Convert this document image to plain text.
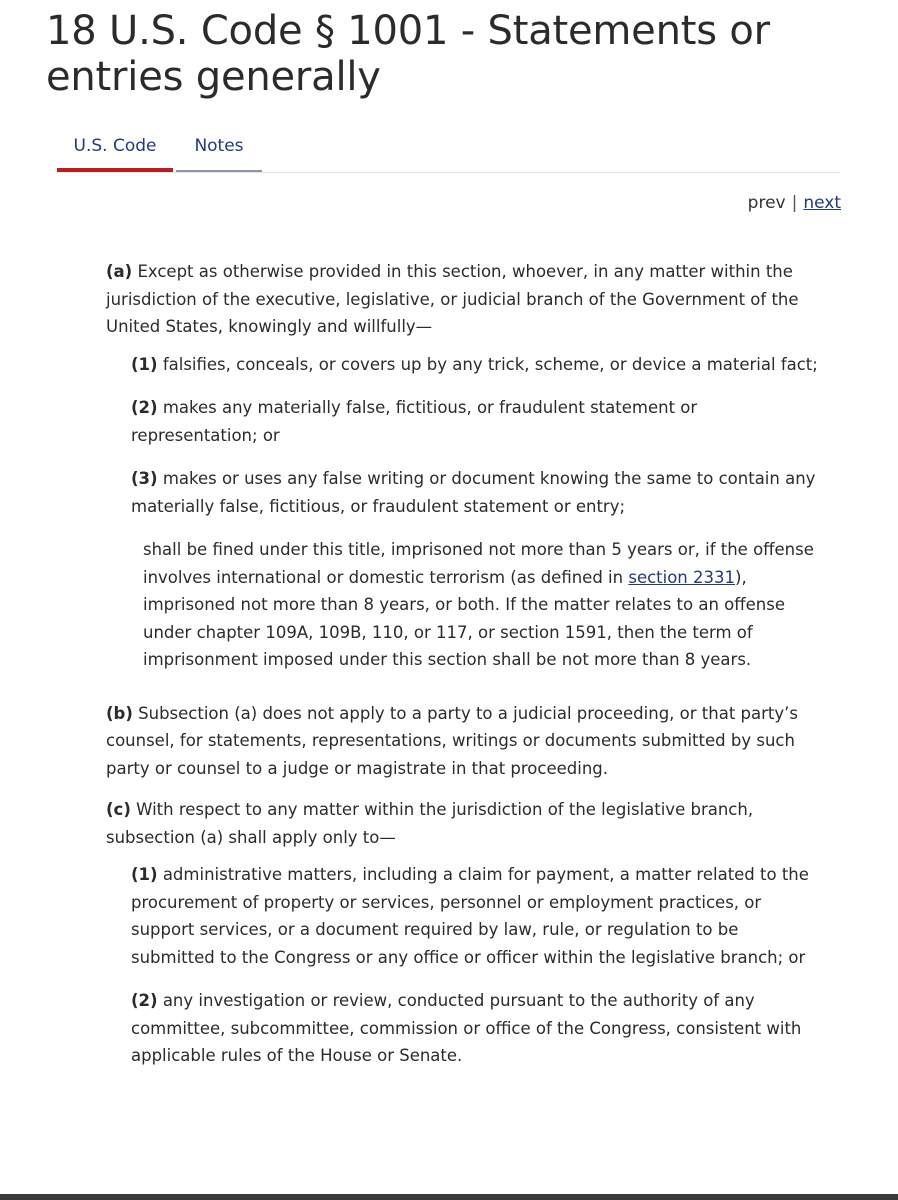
18 U.S. Code § 1001 - Statements or entries generally
U.S. Code	Notes
prev | next

(a) Except as otherwise provided in this section, whoever, in any matter within the jurisdiction of the executive, legislative, or judicial branch of the Government of the United States, knowingly and willfully—

(1) falsifies, conceals, or covers up by any trick, scheme, or device a material fact;

(2) makes any materially false, fictitious, or fraudulent statement or representation; or

(3) makes or uses any false writing or document knowing the same to contain any materially false, fictitious, or fraudulent statement or entry;

shall be fined under this title, imprisoned not more than 5 years or, if the offense involves international or domestic terrorism (as defined in section 2331), imprisoned not more than 8 years, or both. If the matter relates to an offense under chapter 109A, 109B, 110, or 117, or section 1591, then the term of imprisonment imposed under this section shall be not more than 8 years.

(b) Subsection (a) does not apply to a party to a judicial proceeding, or that party’s counsel, for statements, representations, writings or documents submitted by such party or counsel to a judge or magistrate in that proceeding.

(c) With respect to any matter within the jurisdiction of the legislative branch, subsection (a) shall apply only to—

(1) administrative matters, including a claim for payment, a matter related to the procurement of property or services, personnel or employment practices, or support services, or a document required by law, rule, or regulation to be submitted to the Congress or any office or officer within the legislative branch; or

(2) any investigation or review, conducted pursuant to the authority of any committee, subcommittee, commission or office of the Congress, consistent with applicable rules of the House or Senate.
